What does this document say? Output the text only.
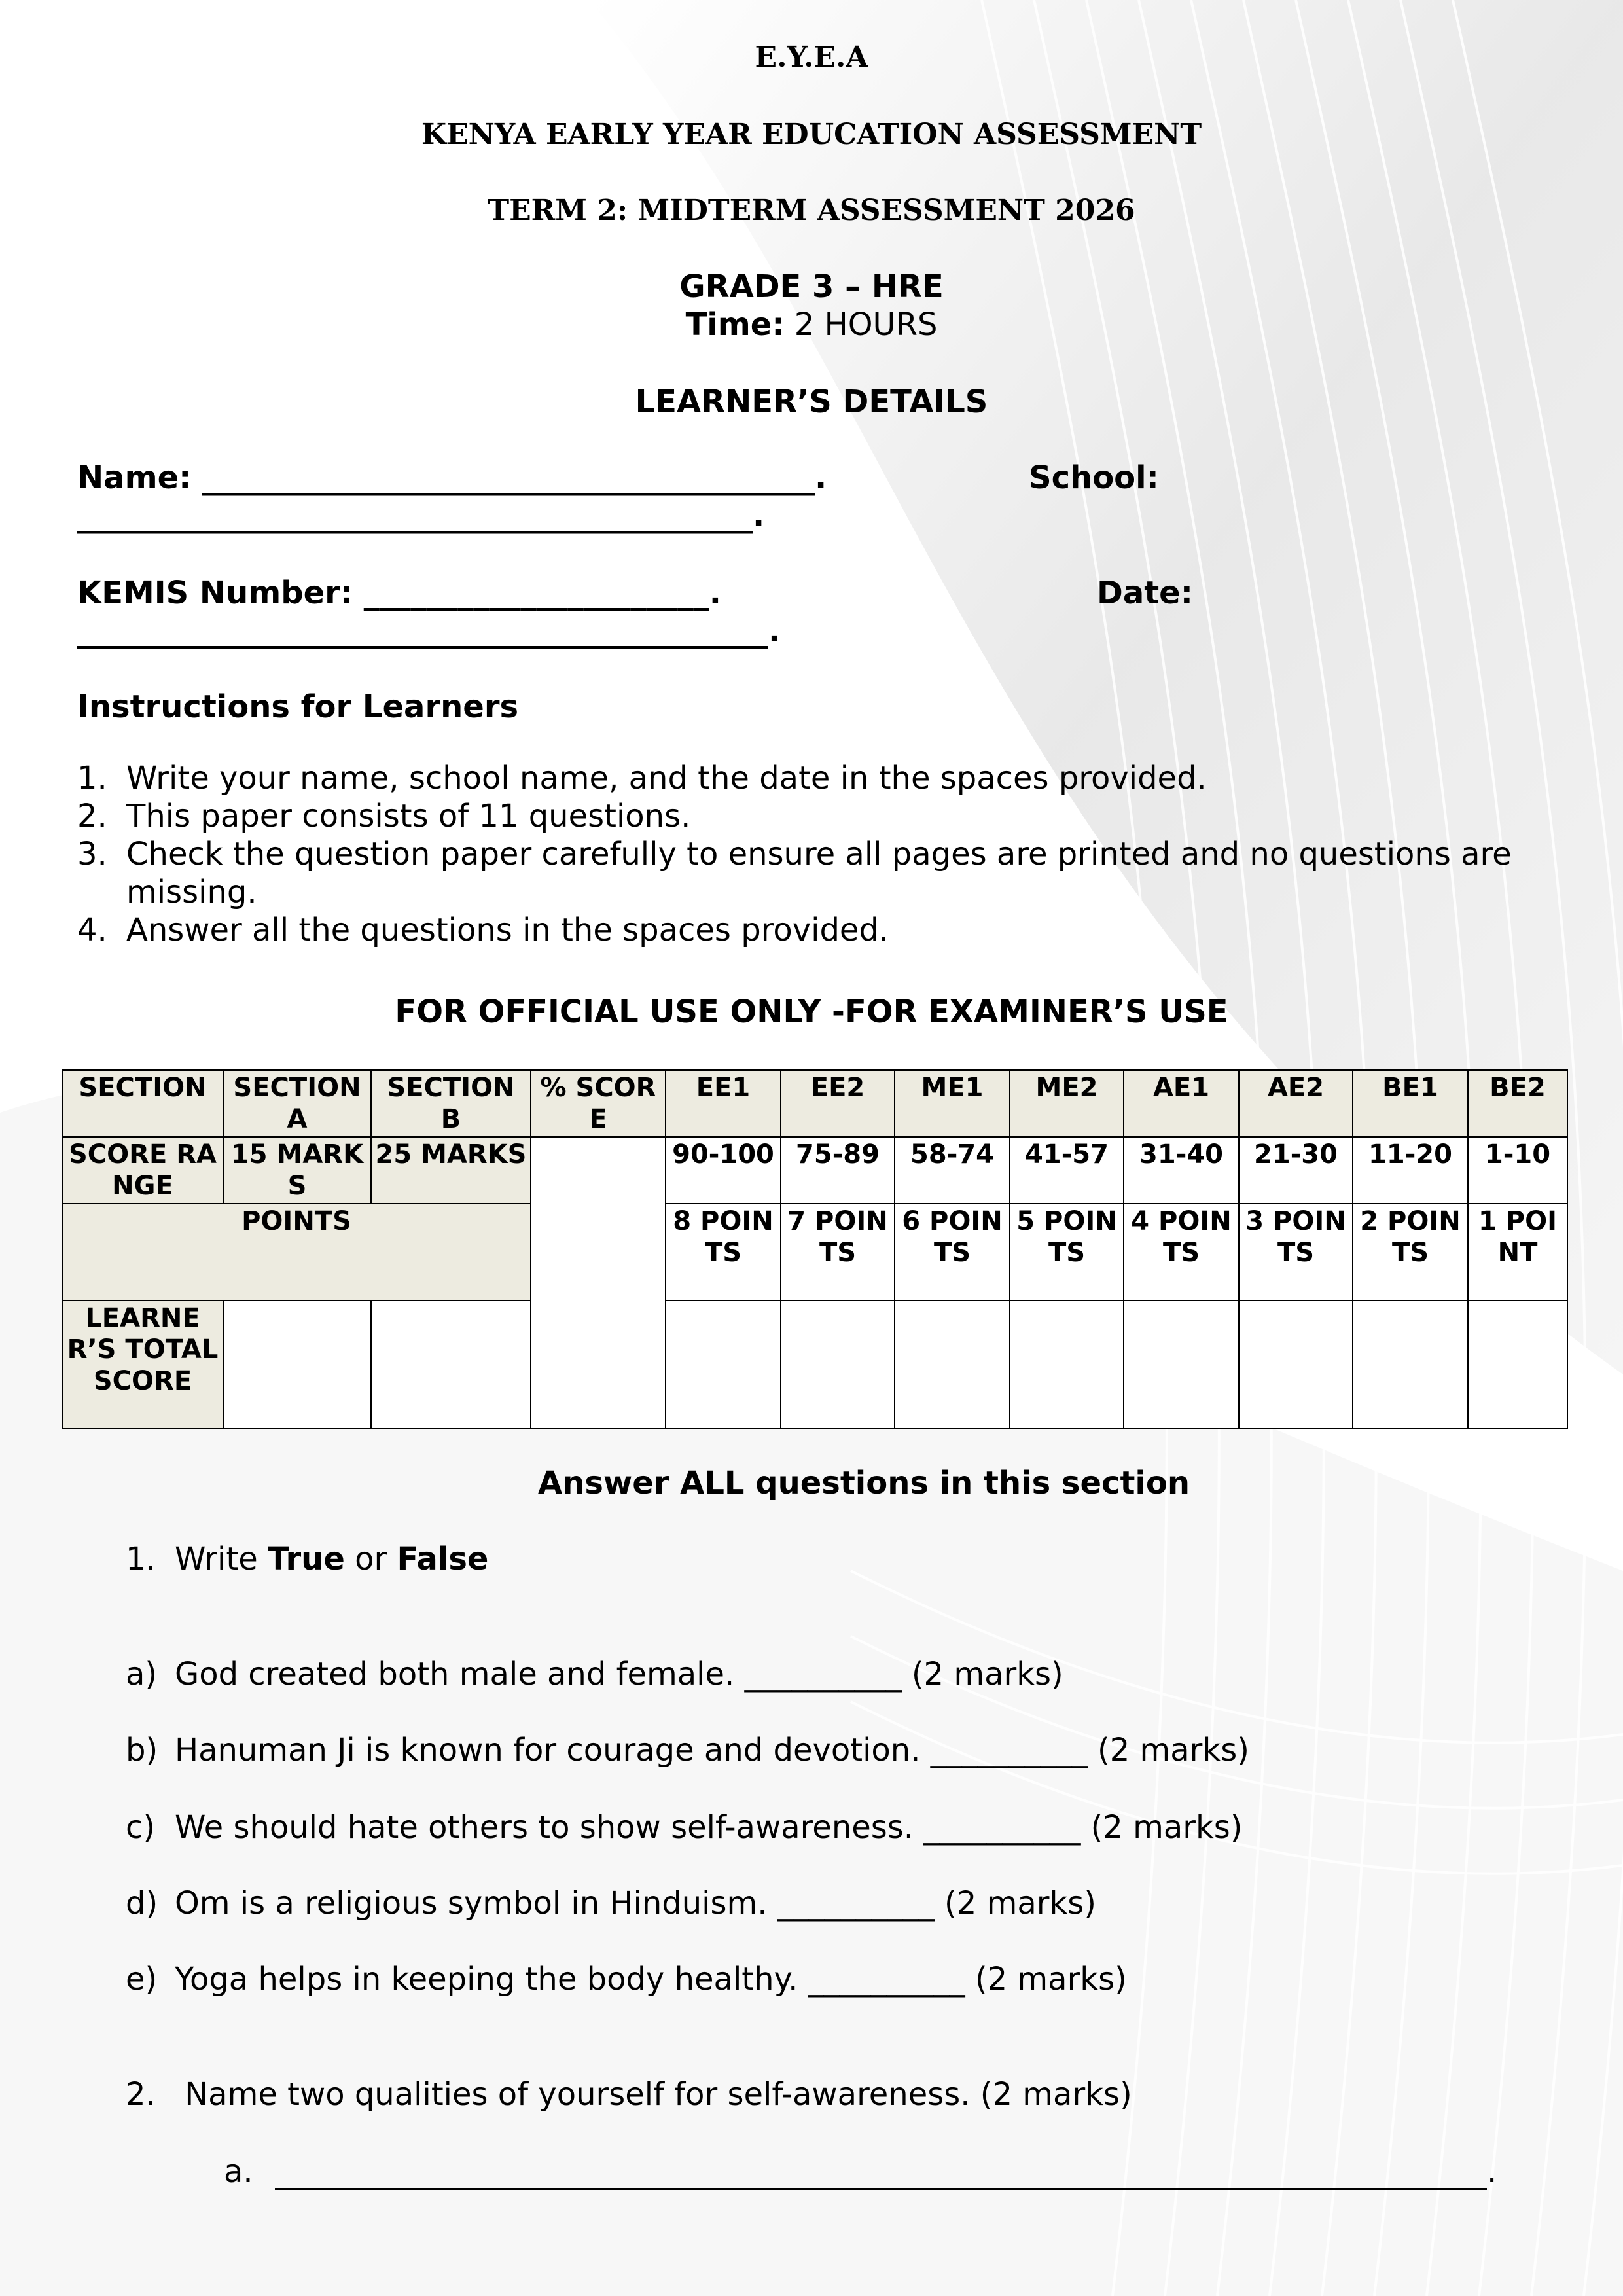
E.Y.E.A
KENYA EARLY YEAR EDUCATION ASSESSMENT
TERM 2: MIDTERM ASSESSMENT 2026
GRADE 3 – HRE
Time: 2 HOURS
LEARNER’S DETAILS
Name: _______________________________________.	School:
___________________________________________.
KEMIS Number: ______________________.	Date:
____________________________________________.
Instructions for Learners
1. Write your name, school name, and the date in the spaces provided.
2. This paper consists of 11 questions.
3. Check the question paper carefully to ensure all pages are printed and no questions are missing.
4. Answer all the questions in the spaces provided.
FOR OFFICIAL USE ONLY -FOR EXAMINER’S USE
SECTION	SECTION A	SECTION B	% SCORE	EE1	EE2	ME1	ME2	AE1	AE2	BE1	BE2
SCORE RANGE	15 MARKS	25 MARKS		90-100	75-89	58-74	41-57	31-40	21-30	11-20	1-10
POINTS				8 POINTS	7 POINTS	6 POINTS	5 POINTS	4 POINTS	3 POINTS	2 POINTS	1 POINT
LEARNER’S TOTAL SCORE											
Answer ALL questions in this section
1. Write True or False
a) God created both male and female. __________ (2 marks)
b) Hanuman Ji is known for courage and devotion. __________ (2 marks)
c) We should hate others to show self-awareness. __________ (2 marks)
d) Om is a religious symbol in Hinduism. __________ (2 marks)
e) Yoga helps in keeping the body healthy. __________ (2 marks)
2. Name two qualities of yourself for self-awareness. (2 marks)
a.	.
